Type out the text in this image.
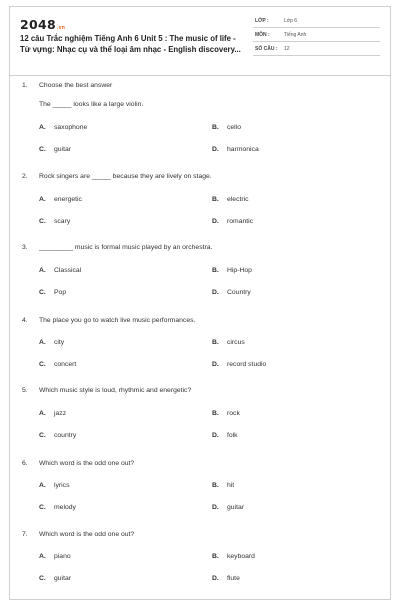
2048 .vn
12 câu Trắc nghiệm Tiếng Anh 6 Unit 5 : The music of life - Từ vựng: Nhạc cụ và thể loại âm nhạc - English discovery...
LỚP :	Lớp 6
MÔN :	Tiếng Anh
SỐ CÂU : 12
1. Choose the best answer
The _____ looks like a large violin.
A. saxophone	B. cello
C. guitar	D. harmonica
2. Rock singers are _____ because they are lively on stage.
A. energetic	B. electric
C. scary	D. romantic
3. _________ music is formal music played by an orchestra.
A. Classical	B. Hip-Hop
C. Pop	D. Country
4. The place you go to watch live music performances.
A. city	B. circus
C. concert	D. record studio
5. Which music style is loud, rhythmic and energetic?
A. jazz	B. rock
C. country	D. folk
6. Which word is the odd one out?
A. lyrics	B. hit
C. melody	D. guitar
7. Which word is the odd one out?
A. piano	B. keyboard
C. guitar	D. flute
